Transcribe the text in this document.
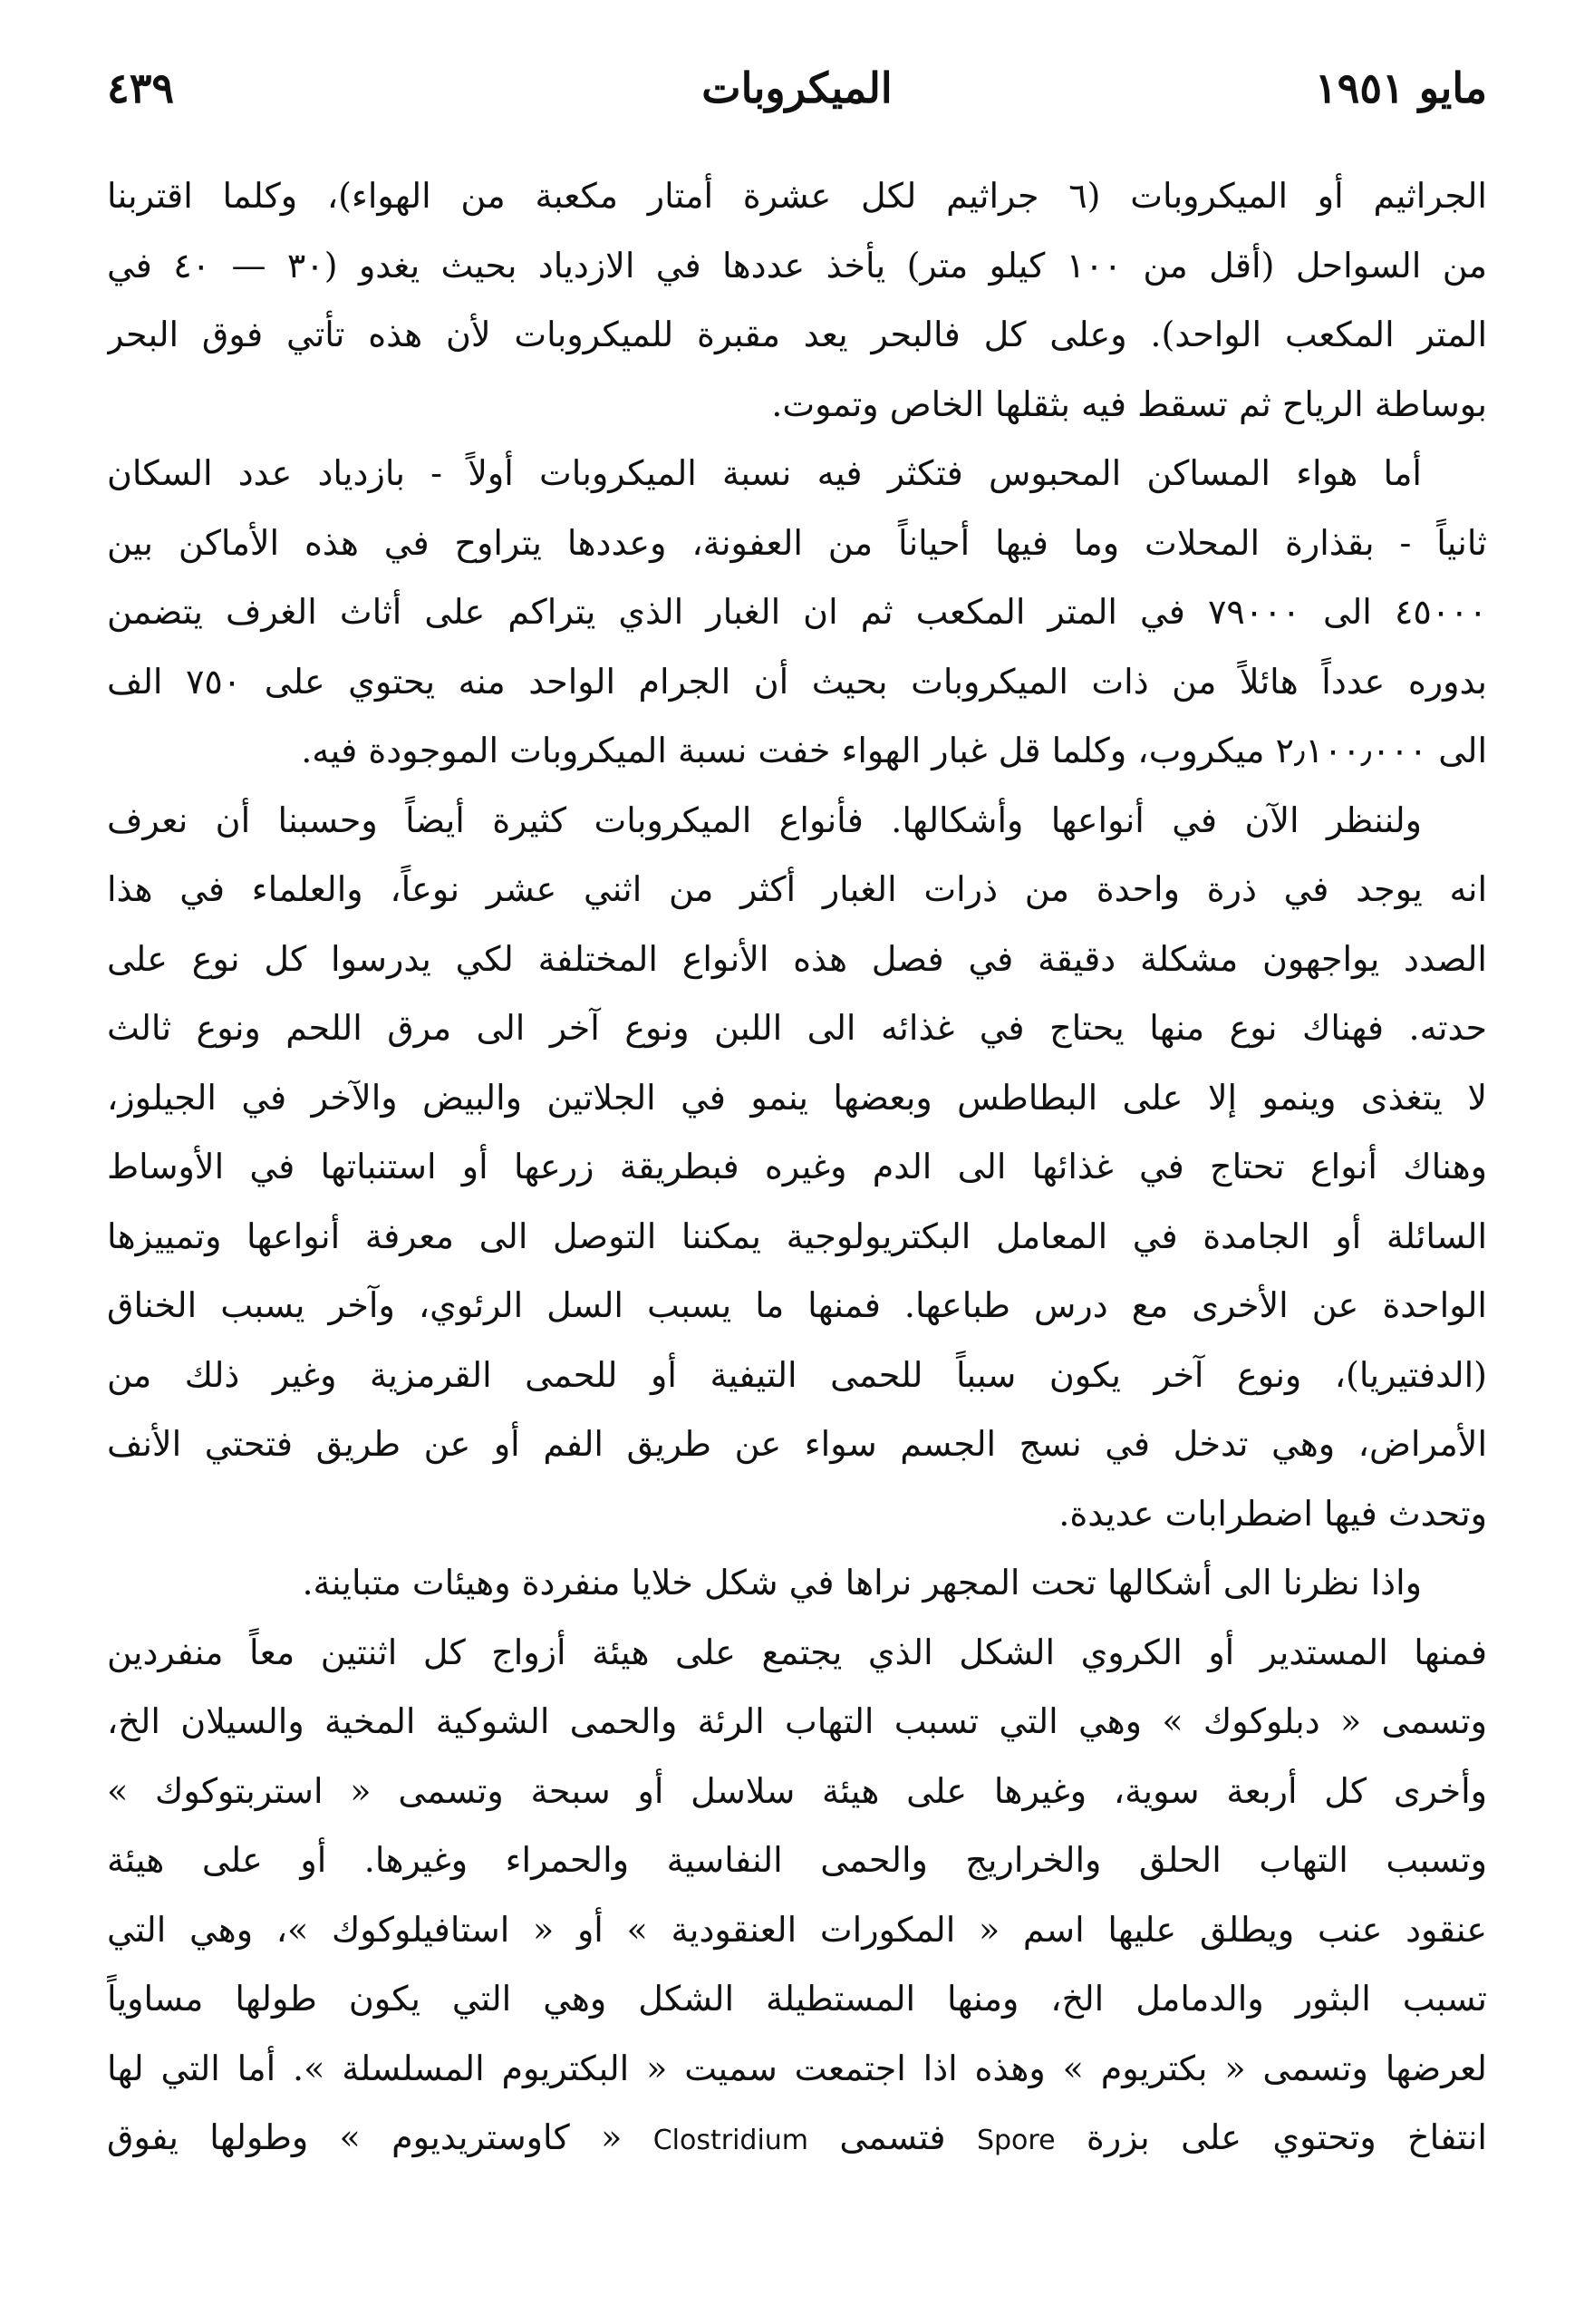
مايو ١٩٥١
الميكروبات
٤٣٩
الجراثيم أو الميكروبات (٦ جراثيم لكل عشرة أمتار مكعبة من الهواء)، وكلما اقتربنا
من السواحل (أقل من ١٠٠ كيلو متر) يأخذ عددها في الازدياد بحيث يغدو (٣٠ — ٤٠ في
المتر المكعب الواحد). وعلى كل فالبحر يعد مقبرة للميكروبات لأن هذه تأتي فوق البحر
بوساطة الرياح ثم تسقط فيه بثقلها الخاص وتموت.
أما هواء المساكن المحبوس فتكثر فيه نسبة الميكروبات أولاً - بازدياد عدد السكان
ثانياً - بقذارة المحلات وما فيها أحياناً من العفونة، وعددها يتراوح في هذه الأماكن بين
٤٥٠٠٠ الى ٧٩٠٠٠ في المتر المكعب ثم ان الغبار الذي يتراكم على أثاث الغرف يتضمن
بدوره عدداً هائلاً من ذات الميكروبات بحيث أن الجرام الواحد منه يحتوي على ٧٥٠ الف
الى ٢٫١٠٠٫٠٠٠ ميكروب، وكلما قل غبار الهواء خفت نسبة الميكروبات الموجودة فيه.
ولننظر الآن في أنواعها وأشكالها. فأنواع الميكروبات كثيرة أيضاً وحسبنا أن نعرف
انه يوجد في ذرة واحدة من ذرات الغبار أكثر من اثني عشر نوعاً، والعلماء في هذا
الصدد يواجهون مشكلة دقيقة في فصل هذه الأنواع المختلفة لكي يدرسوا كل نوع على
حدته. فهناك نوع منها يحتاج في غذائه الى اللبن ونوع آخر الى مرق اللحم ونوع ثالث
لا يتغذى وينمو إلا على البطاطس وبعضها ينمو في الجلاتين والبيض والآخر في الجيلوز،
وهناك أنواع تحتاج في غذائها الى الدم وغيره فبطريقة زرعها أو استنباتها في الأوساط
السائلة أو الجامدة في المعامل البكتريولوجية يمكننا التوصل الى معرفة أنواعها وتمييزها
الواحدة عن الأخرى مع درس طباعها. فمنها ما يسبب السل الرئوي، وآخر يسبب الخناق
(الدفتيريا)، ونوع آخر يكون سبباً للحمى التيفية أو للحمى القرمزية وغير ذلك من
الأمراض، وهي تدخل في نسج الجسم سواء عن طريق الفم أو عن طريق فتحتي الأنف
وتحدث فيها اضطرابات عديدة.
واذا نظرنا الى أشكالها تحت المجهر نراها في شكل خلايا منفردة وهيئات متباينة.
فمنها المستدير أو الكروي الشكل الذي يجتمع على هيئة أزواج كل اثنتين معاً منفردين
وتسمى « دبلوكوك » وهي التي تسبب التهاب الرئة والحمى الشوكية المخية والسيلان الخ،
وأخرى كل أربعة سوية، وغيرها على هيئة سلاسل أو سبحة وتسمى « استربتوكوك »
وتسبب التهاب الحلق والخراريج والحمى النفاسية والحمراء وغيرها. أو على هيئة
عنقود عنب ويطلق عليها اسم « المكورات العنقودية » أو « استافيلوكوك »، وهي التي
تسبب البثور والدمامل الخ، ومنها المستطيلة الشكل وهي التي يكون طولها مساوياً
لعرضها وتسمى « بكتريوم » وهذه اذا اجتمعت سميت « البكتريوم المسلسلة ». أما التي لها
انتفاخ وتحتوي على بزرة Spore فتسمى Clostridium « كاوستريديوم » وطولها يفوق
